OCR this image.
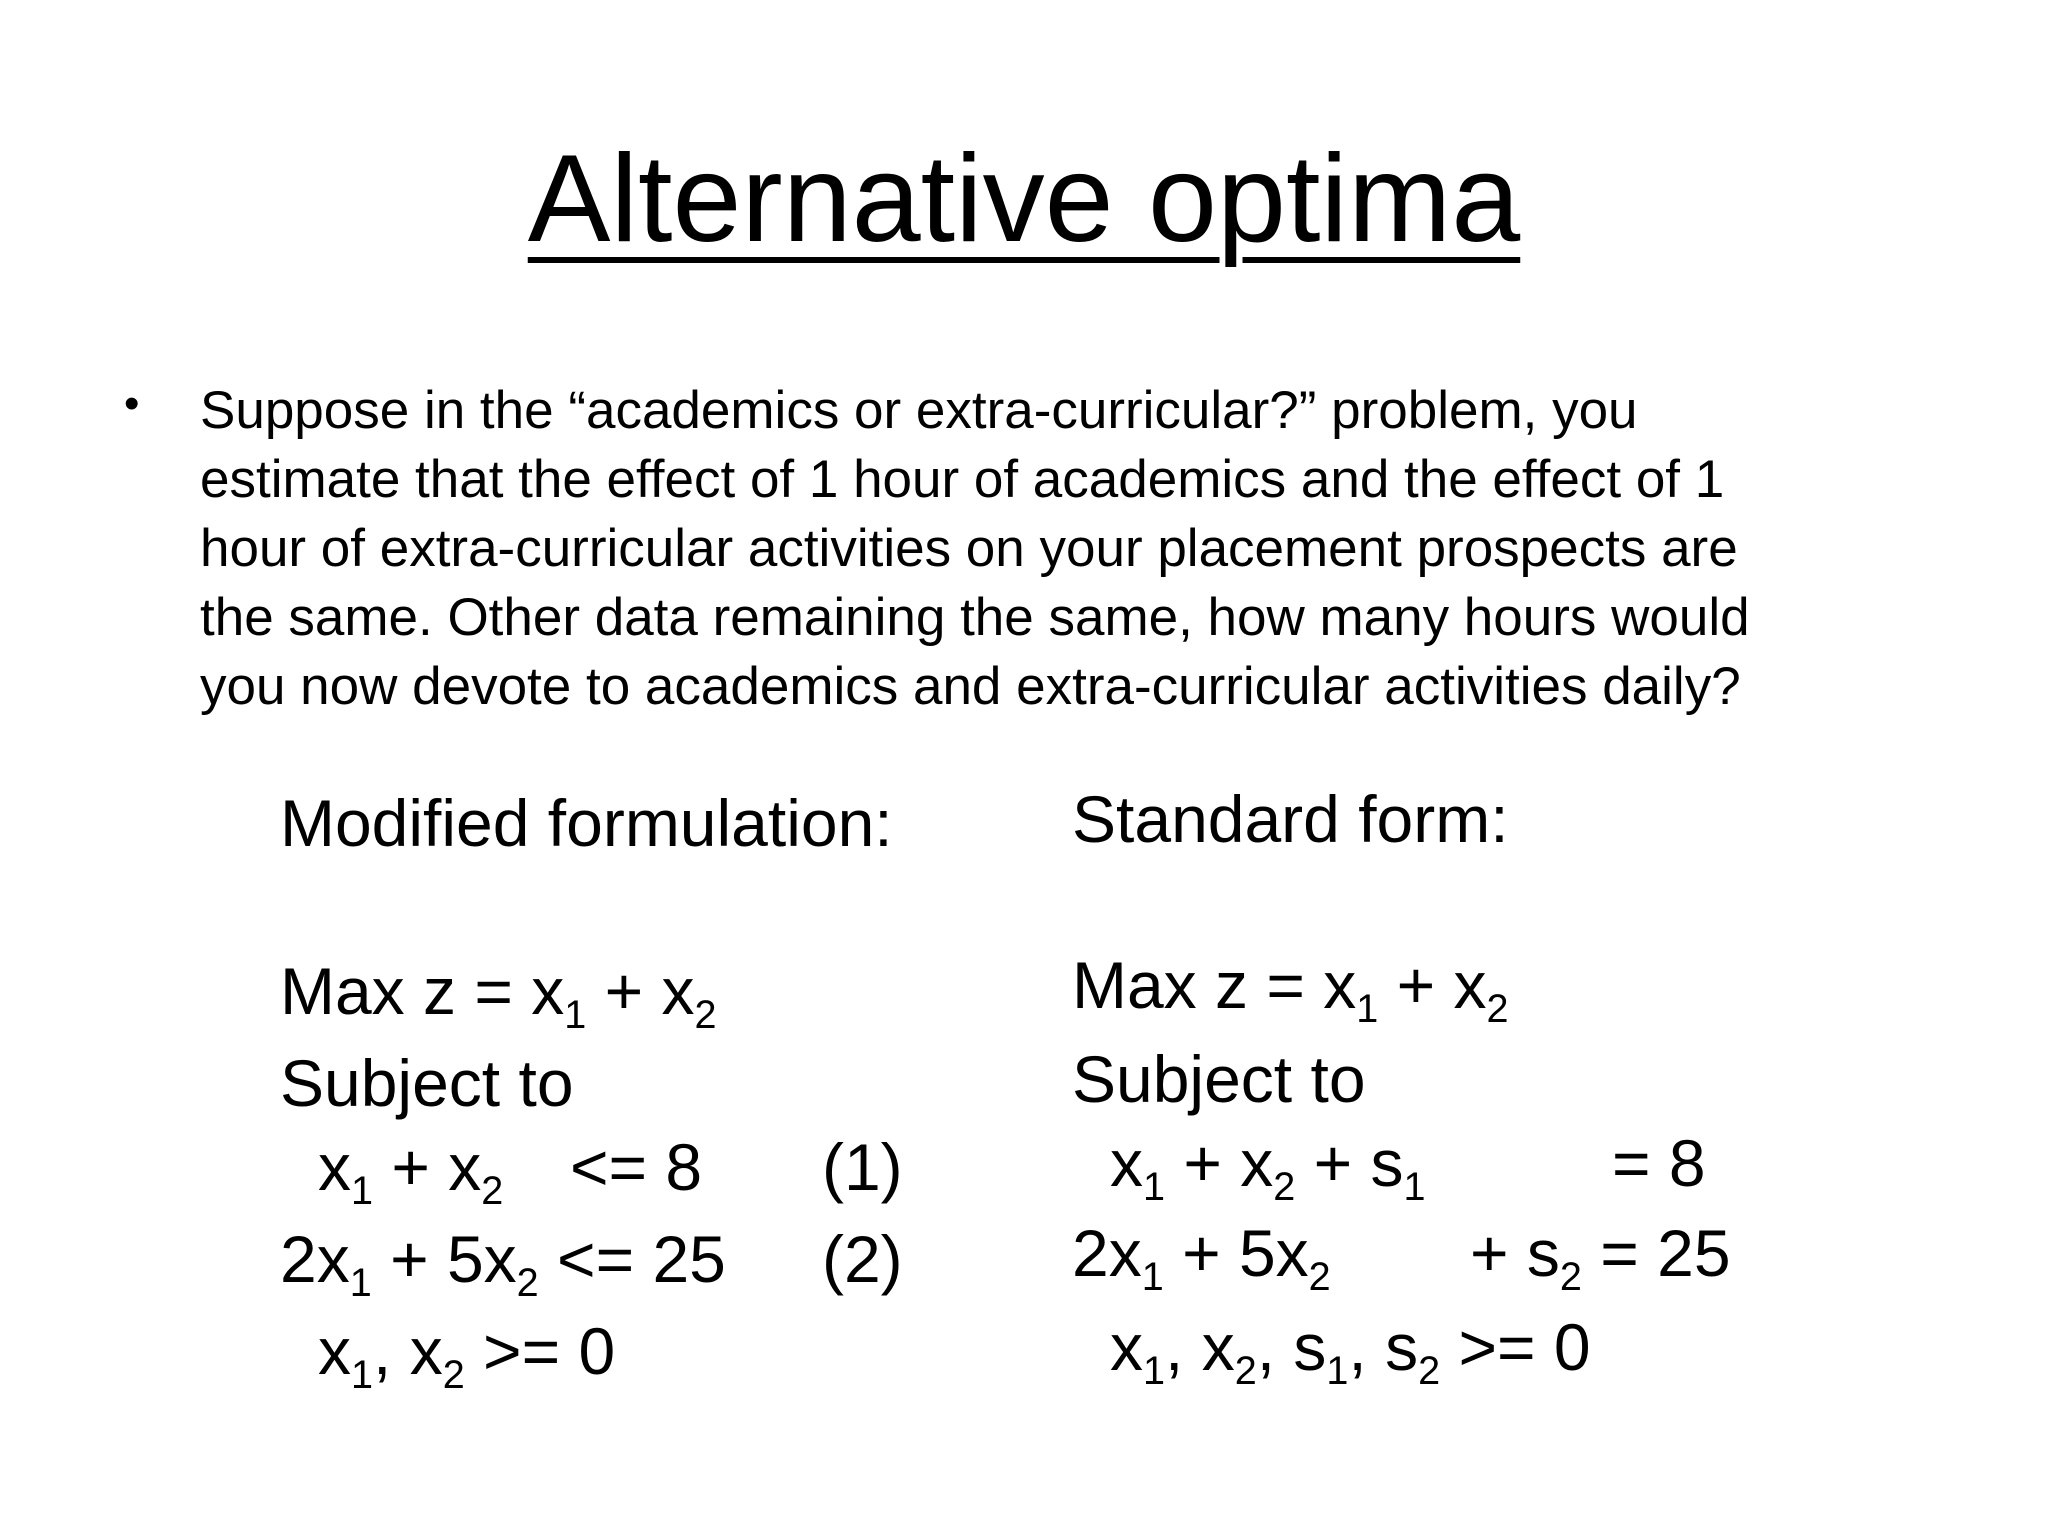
Alternative optima
• Suppose in the “academics or extra-curricular?” problem, you
estimate that the effect of 1 hour of academics and the effect of 1
hour of extra-curricular activities on your placement prospects are
the same. Other data remaining the same, how many hours would
you now devote to academics and extra-curricular activities daily?
Modified formulation:
Max $z = x_1 + x_2$
Subject to
$x_1 + x_2 <= 8$ (1)
$2x_1 + 5x_2 <= 25$ (2)
$x_1$, $x_2 >= 0$
Standard form:
Max $z = x_1 + x_2$
Subject to
$x_1 + x_2 + s_1$	= 8
$2x_1 + 5x_2 + s_2 = 25$
$x_1$, $x_2$, $s_1$, $s_2 >= 0$
